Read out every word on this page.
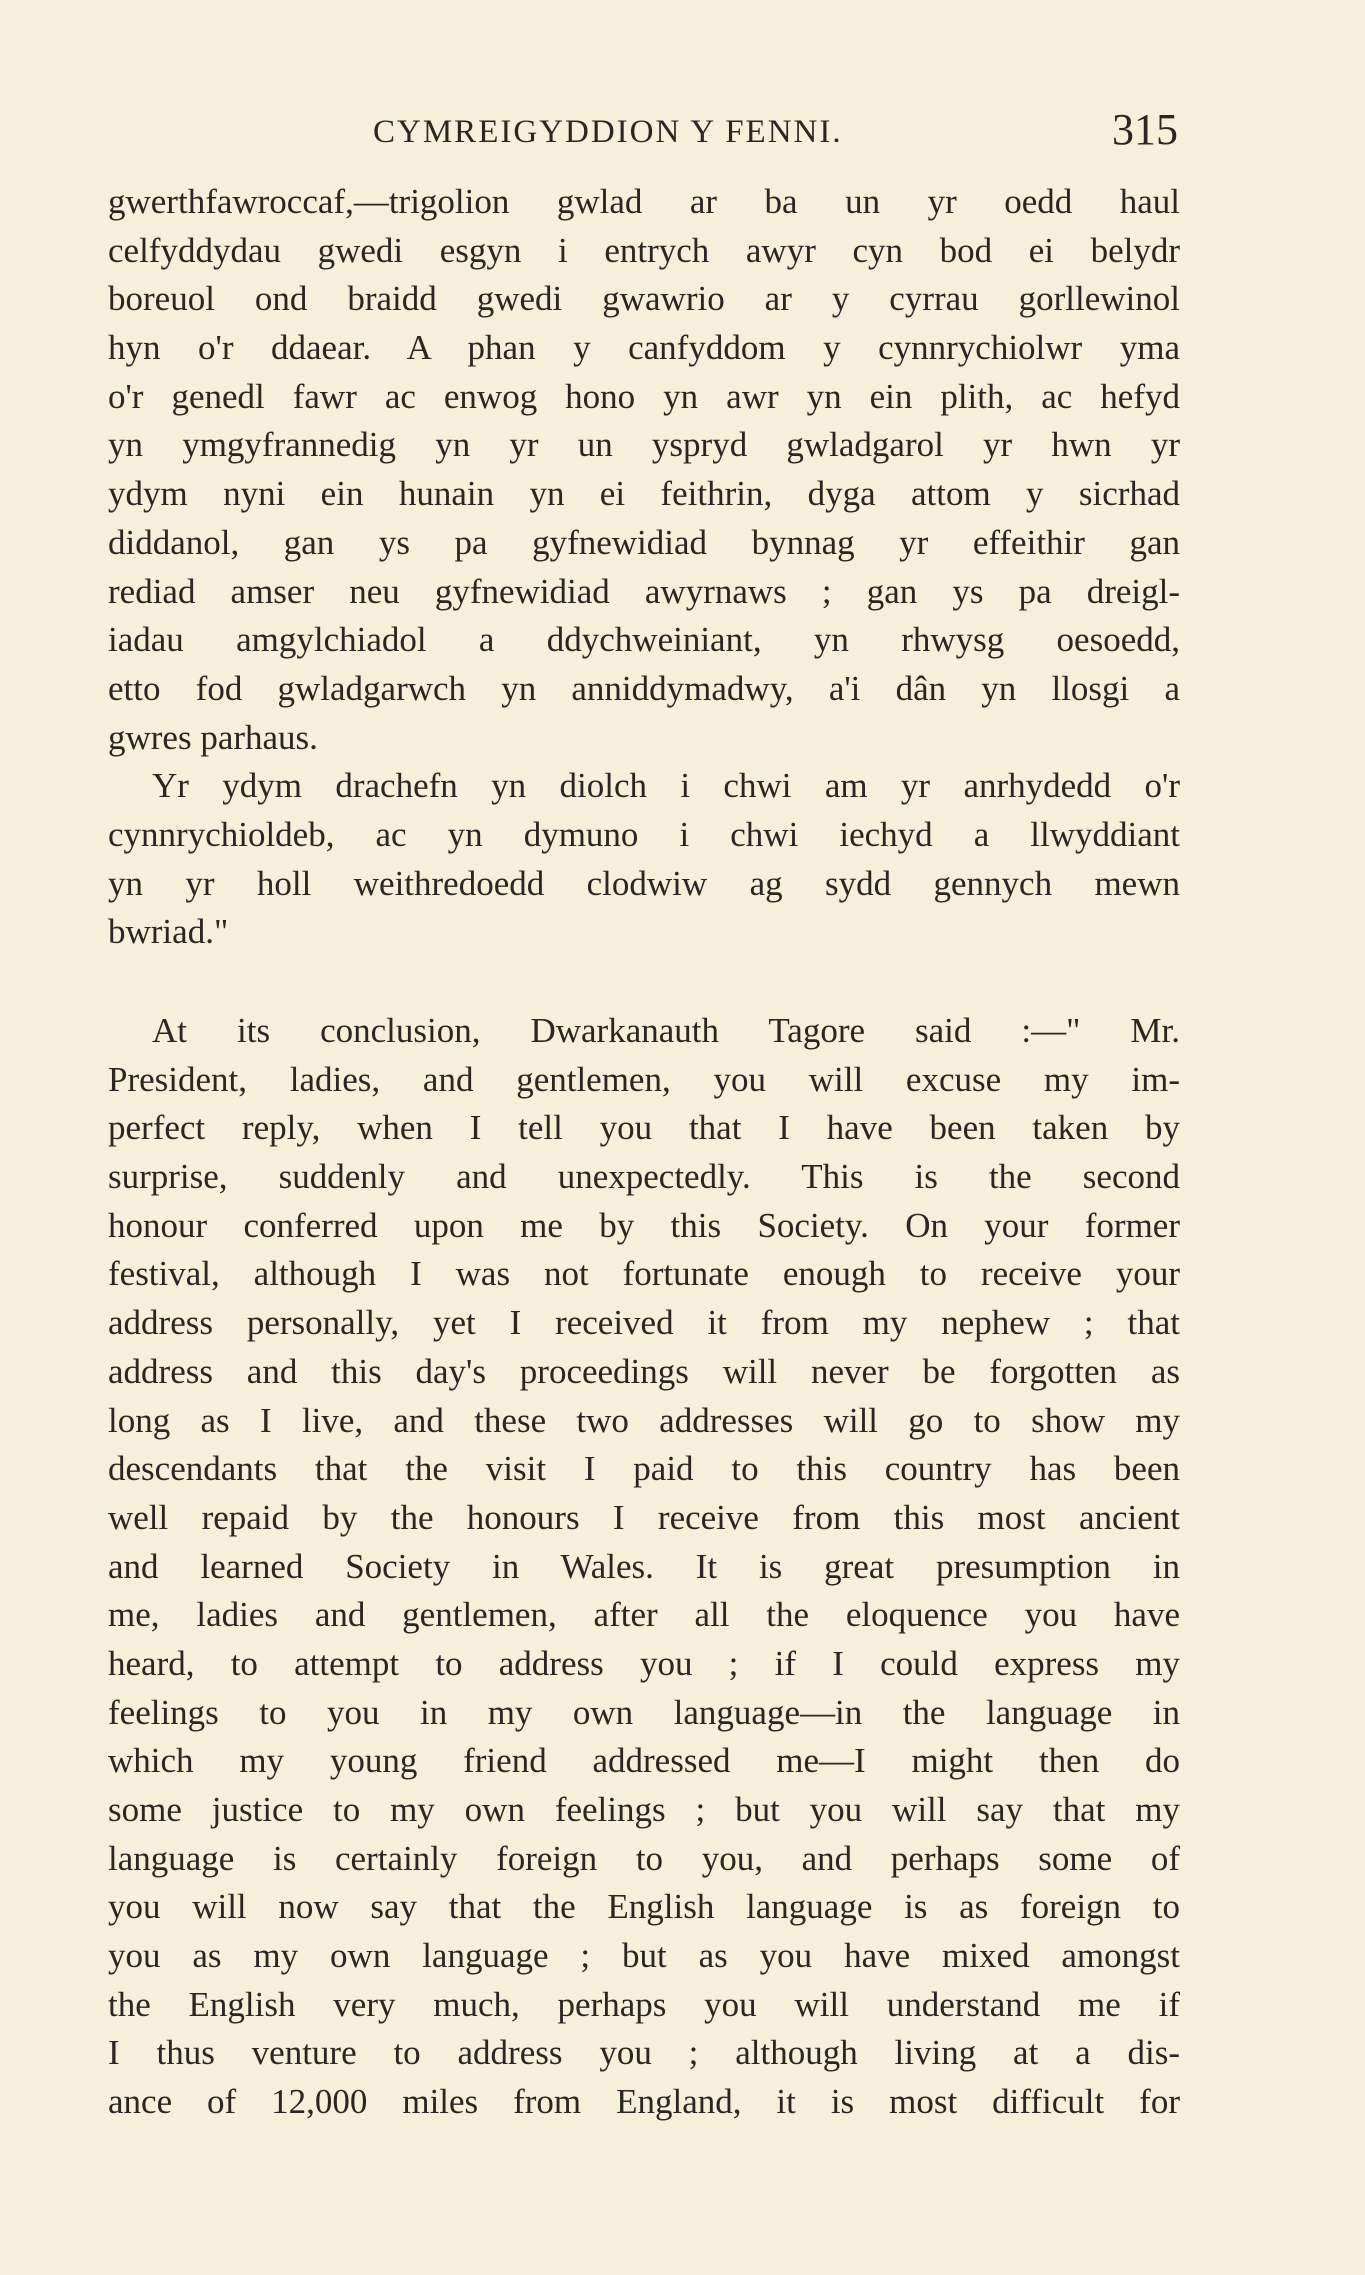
CYMREIGYDDION Y FENNI.	315
gwerthfawroccaf,—trigolion gwlad ar ba un yr oedd haul
celfyddydau gwedi esgyn i entrych awyr cyn bod ei belydr
boreuol ond braidd gwedi gwawrio ar y cyrrau gorllewinol
hyn o'r ddaear. A phan y canfyddom y cynnrychiolwr yma
o'r genedl fawr ac enwog hono yn awr yn ein plith, ac hefyd
yn ymgyfrannedig yn yr un yspryd gwladgarol yr hwn yr
ydym nyni ein hunain yn ei feithrin, dyga attom y sicrhad
diddanol, gan ys pa gyfnewidiad bynnag yr effeithir gan
rediad amser neu gyfnewidiad awyrnaws ; gan ys pa dreigl-
iadau amgylchiadol a ddychweiniant, yn rhwysg oesoedd,
etto fod gwladgarwch yn anniddymadwy, a'i dân yn llosgi a
gwres parhaus.
Yr ydym drachefn yn diolch i chwi am yr anrhydedd o'r
cynnrychioldeb, ac yn dymuno i chwi iechyd a llwyddiant
yn yr holl weithredoedd clodwiw ag sydd gennych mewn
bwriad."
At its conclusion, Dwarkanauth Tagore said :—" Mr.
President, ladies, and gentlemen, you will excuse my im-
perfect reply, when I tell you that I have been taken by
surprise, suddenly and unexpectedly. This is the second
honour conferred upon me by this Society. On your former
festival, although I was not fortunate enough to receive your
address personally, yet I received it from my nephew ; that
address and this day's proceedings will never be forgotten as
long as I live, and these two addresses will go to show my
descendants that the visit I paid to this country has been
well repaid by the honours I receive from this most ancient
and learned Society in Wales. It is great presumption in
me, ladies and gentlemen, after all the eloquence you have
heard, to attempt to address you ; if I could express my
feelings to you in my own language—in the language in
which my young friend addressed me—I might then do
some justice to my own feelings ; but you will say that my
language is certainly foreign to you, and perhaps some of
you will now say that the English language is as foreign to
you as my own language ; but as you have mixed amongst
the English very much, perhaps you will understand me if
I thus venture to address you ; although living at a dis-
ance of 12,000 miles from England, it is most difficult for
